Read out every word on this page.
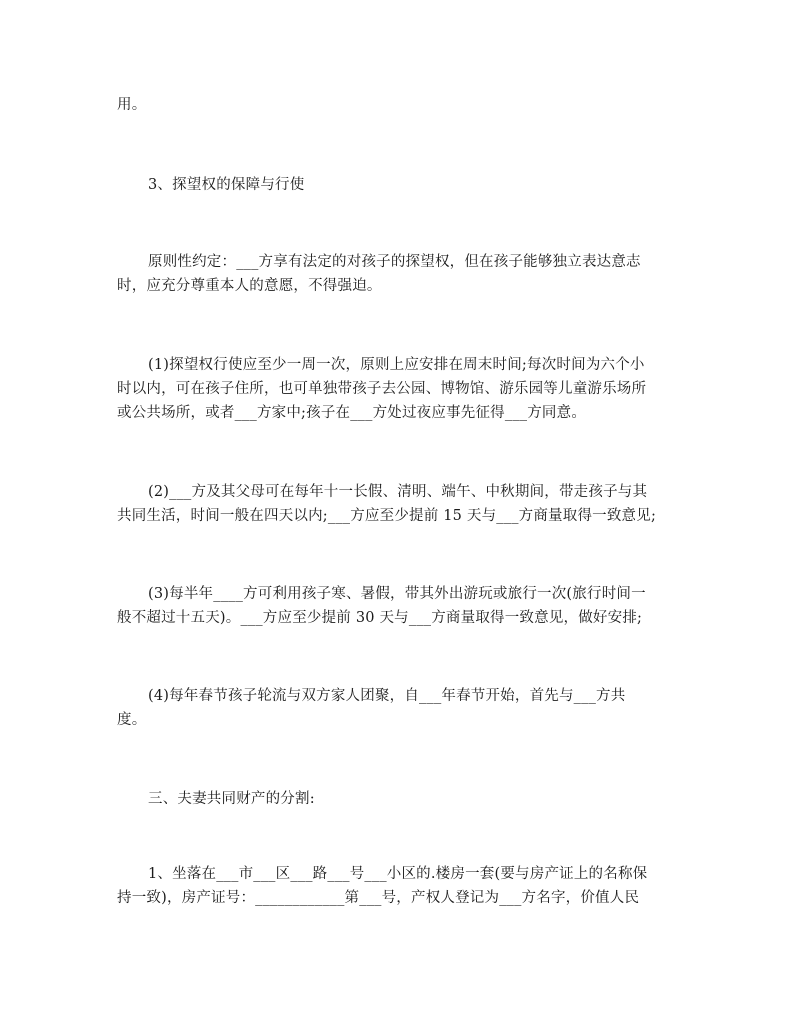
用。
3、探望权的保障与行使
原则性约定：___方享有法定的对孩子的探望权，但在孩子能够独立表达意志
时，应充分尊重本人的意愿，不得强迫。
(1)探望权行使应至少一周一次，原则上应安排在周末时间;每次时间为六个小
时以内，可在孩子住所，也可单独带孩子去公园、博物馆、游乐园等儿童游乐场所
或公共场所，或者___方家中;孩子在___方处过夜应事先征得___方同意。
(2)___方及其父母可在每年十一长假、清明、端午、中秋期间，带走孩子与其
共同生活，时间一般在四天以内;___方应至少提前 15 天与___方商量取得一致意见;
(3)每半年____方可利用孩子寒、暑假，带其外出游玩或旅行一次(旅行时间一
般不超过十五天)。___方应至少提前 30 天与___方商量取得一致意见，做好安排;
(4)每年春节孩子轮流与双方家人团聚，自___年春节开始，首先与___方共
度。
三、夫妻共同财产的分割:
1、坐落在___市___区___路___号___小区的.楼房一套(要与房产证上的名称保
持一致)，房产证号：____________第___号，产权人登记为___方名字，价值人民
